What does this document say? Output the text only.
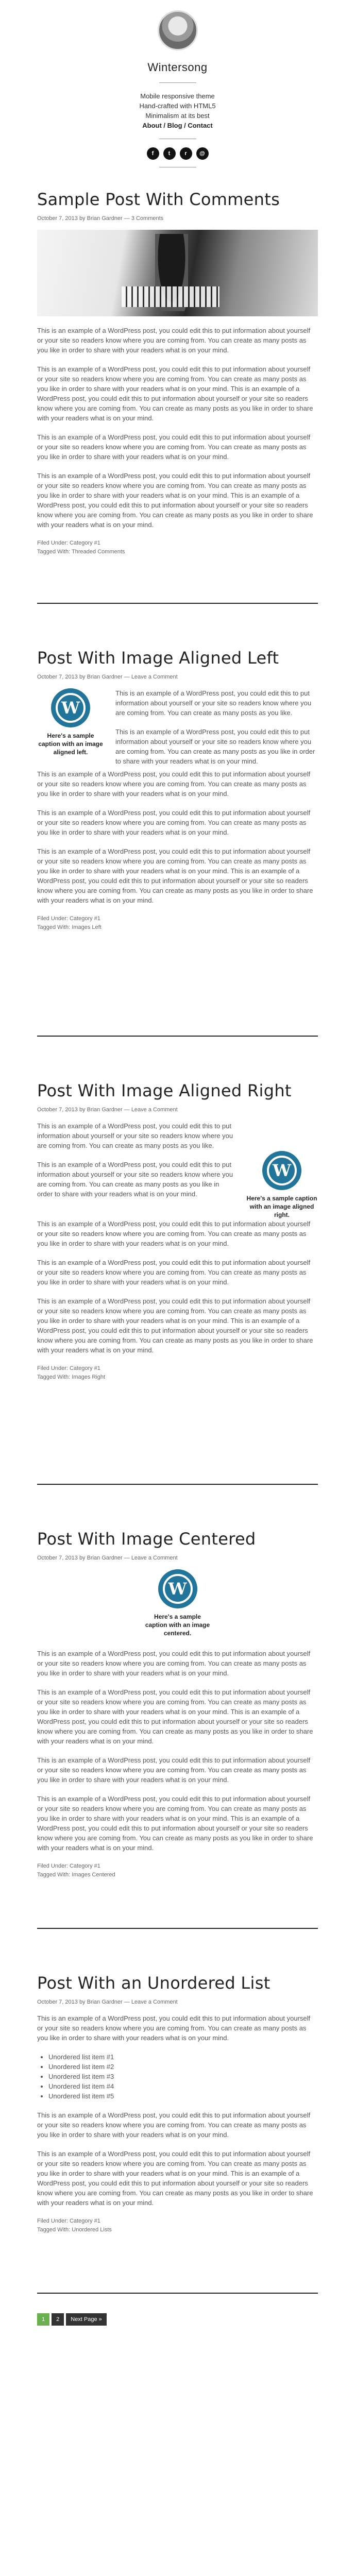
Wintersong

Mobile responsive theme

Hand-crafted with HTML5

Minimalism at its best

About / Blog / Contact

f	t	r	@
Sample Post With Comments
October 7, 2013 by Brian Gardner — 3 Comments

This is an example of a WordPress post, you could edit this to put information about yourself or your site so readers know where you are coming from. You can create as many posts as you like in order to share with your readers what is on your mind.

This is an example of a WordPress post, you could edit this to put information about yourself or your site so readers know where you are coming from. You can create as many posts as you like in order to share with your readers what is on your mind. This is an example of a WordPress post, you could edit this to put information about yourself or your site so readers know where you are coming from. You can create as many posts as you like in order to share with your readers what is on your mind.

This is an example of a WordPress post, you could edit this to put information about yourself or your site so readers know where you are coming from. You can create as many posts as you like in order to share with your readers what is on your mind.

This is an example of a WordPress post, you could edit this to put information about yourself or your site so readers know where you are coming from. You can create as many posts as you like in order to share with your readers what is on your mind. This is an example of a WordPress post, you could edit this to put information about yourself or your site so readers know where you are coming from. You can create as many posts as you like in order to share with your readers what is on your mind.

Filed Under: Category #1
Tagged With: Threaded Comments
Post With Image Aligned Left
October 7, 2013 by Brian Gardner — Leave a Comment
W
Here's a sample caption with an image aligned left.

This is an example of a WordPress post, you could edit this to put information about yourself or your site so readers know where you are coming from. You can create as many posts as you like.

This is an example of a WordPress post, you could edit this to put information about yourself or your site so readers know where you are coming from. You can create as many posts as you like in order to share with your readers what is on your mind.

This is an example of a WordPress post, you could edit this to put information about yourself or your site so readers know where you are coming from. You can create as many posts as you like in order to share with your readers what is on your mind.

This is an example of a WordPress post, you could edit this to put information about yourself or your site so readers know where you are coming from. You can create as many posts as you like in order to share with your readers what is on your mind.

This is an example of a WordPress post, you could edit this to put information about yourself or your site so readers know where you are coming from. You can create as many posts as you like in order to share with your readers what is on your mind. This is an example of a WordPress post, you could edit this to put information about yourself or your site so readers know where you are coming from. You can create as many posts as you like in order to share with your readers what is on your mind.

Filed Under: Category #1
Tagged With: Images Left
Post With Image Aligned Right
October 7, 2013 by Brian Gardner — Leave a Comment

This is an example of a WordPress post, you could edit this to put information about yourself or your site so readers know where you are coming from. You can create as many posts as you like.

This is an example of a WordPress post, you could edit this to put information about yourself or your site so readers know where you are coming from. You can create as many posts as you like in order to share with your readers what is on your mind.

W
Here's a sample caption with an image aligned right.

This is an example of a WordPress post, you could edit this to put information about yourself or your site so readers know where you are coming from. You can create as many posts as you like in order to share with your readers what is on your mind.

This is an example of a WordPress post, you could edit this to put information about yourself or your site so readers know where you are coming from. You can create as many posts as you like in order to share with your readers what is on your mind.

This is an example of a WordPress post, you could edit this to put information about yourself or your site so readers know where you are coming from. You can create as many posts as you like in order to share with your readers what is on your mind. This is an example of a WordPress post, you could edit this to put information about yourself or your site so readers know where you are coming from. You can create as many posts as you like in order to share with your readers what is on your mind.

Filed Under: Category #1
Tagged With: Images Right
Post With Image Centered
October 7, 2013 by Brian Gardner — Leave a Comment
W
Here's a sample caption with an image centered.

This is an example of a WordPress post, you could edit this to put information about yourself or your site so readers know where you are coming from. You can create as many posts as you like in order to share with your readers what is on your mind.

This is an example of a WordPress post, you could edit this to put information about yourself or your site so readers know where you are coming from. You can create as many posts as you like in order to share with your readers what is on your mind. This is an example of a WordPress post, you could edit this to put information about yourself or your site so readers know where you are coming from. You can create as many posts as you like in order to share with your readers what is on your mind.

This is an example of a WordPress post, you could edit this to put information about yourself or your site so readers know where you are coming from. You can create as many posts as you like in order to share with your readers what is on your mind.

This is an example of a WordPress post, you could edit this to put information about yourself or your site so readers know where you are coming from. You can create as many posts as you like in order to share with your readers what is on your mind. This is an example of a WordPress post, you could edit this to put information about yourself or your site so readers know where you are coming from. You can create as many posts as you like in order to share with your readers what is on your mind.

Filed Under: Category #1
Tagged With: Images Centered
Post With an Unordered List
October 7, 2013 by Brian Gardner — Leave a Comment

This is an example of a WordPress post, you could edit this to put information about yourself or your site so readers know where you are coming from. You can create as many posts as you like in order to share with your readers what is on your mind.

• Unordered list item #1
• Unordered list item #2
• Unordered list item #3
• Unordered list item #4
• Unordered list item #5

This is an example of a WordPress post, you could edit this to put information about yourself or your site so readers know where you are coming from. You can create as many posts as you like in order to share with your readers what is on your mind.

This is an example of a WordPress post, you could edit this to put information about yourself or your site so readers know where you are coming from. You can create as many posts as you like in order to share with your readers what is on your mind. This is an example of a WordPress post, you could edit this to put information about yourself or your site so readers know where you are coming from. You can create as many posts as you like in order to share with your readers what is on your mind.

Filed Under: Category #1
Tagged With: Unordered Lists
1	2	Next Page »
